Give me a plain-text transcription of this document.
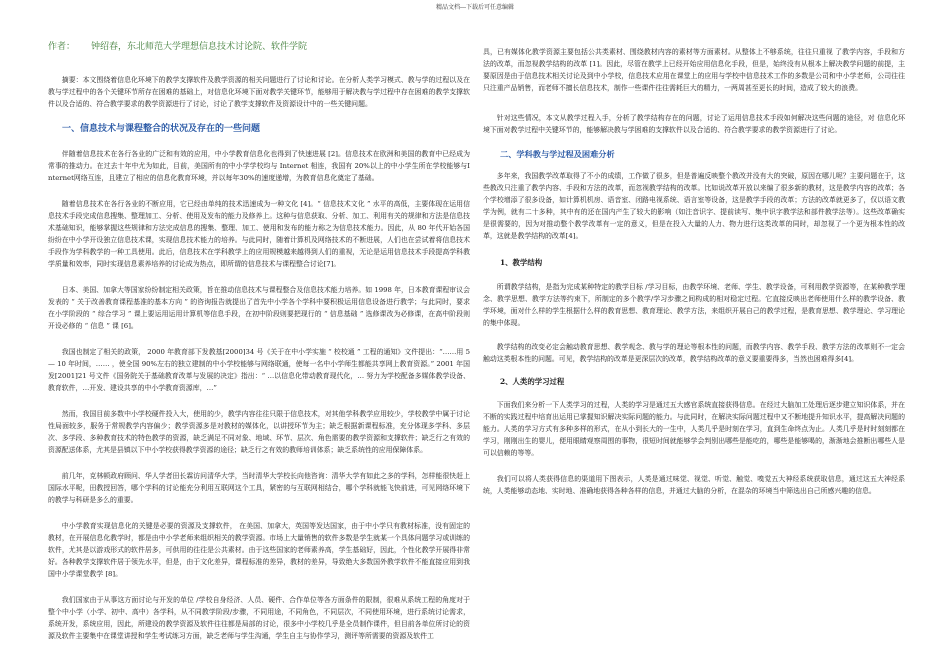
精品文档---下载后可任意编辑
作者： 钟绍春，东北师范大学理想信息技术讨论院、软件学院

摘要：本文围绕着信息化环境下的教学支撑软件及教学资源的相关问题进行了讨论和讨论。在分析人类学习模式、教与学的过程以及在教与学过程中的各个关键环节所存在困难的基础上，对信息化环境下面对教学关键环节，能够用于解决教与学过程中存在困难的教学支撑软件以及合适的、符合教学要求的教学资源进行了讨论，讨论了教学支撑软件及资源设计中的一些关键问题。

一、信息技术与课程整合的状况及存在的一些问题

伴随着信息技术在各行各业的广泛和有效的应用，中小学教育信息化也得到了快速进展 [2]。信息技术在欧洲和美国的教育中已经成为常事的推动力。在过去十年中尤为如此，目前，美国所有的中小学学校均与 Internet 相连，我国有 20%以上的中小学生所在学校能够与Internet网络互连，且建立了相应的信息化教育环境，并以每年30%的速度递增，为教育信息化奠定了基础。

随着信息技术在各行各业的不断应用，它已经由单纯的技术迅速成为一种文化 [4]。“ 信息技术文化 ” 水平的高低，主要体现在运用信息技术手段完成信息搜集、整理加工、分析、使用及发布的能力及修养上。这种与信息获取、分析、加工、利用有关的规律和方法是信息技术基础知识，能够掌握这些规律和方法完成信息的搜集、整理、加工、使用和发布的能力称之为信息技术能力。因此，从 80 年代开始各国纷纷在中小学开设独立信息技术课，实现信息技术能力的培养。与此同时，随着计算机及网络技术的不断进展，人们也在尝试着将信息技术手段作为学科教学的一种工具使用。此后，信息技术在学科教学上的应用规模越来越得到人们的重视，无论是运用信息技术手段提高学科教学质量和效率，同时实现信息素养培养的讨论成为热点，即所谓的信息技术与课程整合讨论[7]。

日本、美国、加拿大等国家纷纷制定相关政策，旨在推动信息技术与课程整合及信息技术能力培养。如 1998 年，日本教育课程审议会发表的 “ 关于改善教育课程基准的基本方向 ” 的咨询报告就提出了首先中小学各个学科中要积极运用信息设备进行教学；与此同时，要求在小学阶段的 “ 综合学习 ” 课上要运用运用计算机等信息手段，在初中阶段则要把现行的 “ 信息基础 ” 选修课改为必修课，在高中阶段则开设必修的 “ 信息 ” 课 [6]。

我国也制定了相关的政策， 2000 年教育部下发教基[2000]34 号《关于在中小学实施 “ 校校通 ” 工程的通知》文件提出：“……用 5 — 10 年时间，…… ，使全国 90%左右的独立建制的中小学校能够与网络联通，使每一名中小学师生都能共享网上教育资源。” 2001 年国发[2001]21 号文件《国务院关于基础教育改革与发展的决定》指出：“ …以信息化带动教育现代化，… 努力为学校配备多媒体教学设备、教育软件，…开发、建设共享的中小学教育资源库，…”

然而，我国目前多数中小学校硬件投入大，使用的少，教学内容往往只限于信息技术，对其他学科教学应用较少，学校教学中属于讨论性局面较多，服务于常规教学内容偏少；教学资源多是对教材的媒体化，以讲授环节为主；缺乏根据新课程标准，充分体现多学科、多层次、多学段、多种教育技术的特色教学的资源，缺乏满足不同对象、地域、环节、层次、角色需要的教学资源和支撑软件；缺乏行之有效的资源配送体系，尤其是县镇以下中小学校获得教学资源的途径；缺乏行之有效的教师培训体系；缺乏系统性的应用保障体系。

前几年，克林顿政府顾问、华人学者田长霖访问清华大学，当时清华大学校长向他咨询：清华大学有如此之多的学科，怎样能很快赶上国际水平呢，田教授回答，哪个学科的讨论能充分利用互联网这个工具，紧密的与互联网相结合，哪个学科就能飞快前进，可见网络环境下的教学与科研是多么的重要。

中小学教育实现信息化的关键是必要的资源及支撑软件， 在美国、加拿大，英国等发达国家，由于中小学只有教材标准，没有固定的教材，在开展信息化教学时，都是由中小学老师来组织相关的教学资源。市场上大量销售的软件多数是学生就某一个具体问题学习或训练的软件，尤其是以游戏形式的软件居多，可供用的往往是公共素材。由于这些国家的老师素养高，学生基础好，因此，个性化教学开展得非常好。各种教学支撑软件居于领先水平，但是，由于文化差异，课程标准的差异，教材的差异，导致绝大多数国外教学软件不能直接应用到我国中小学课堂教学 [8]。

我们国家由于从事这方面讨论与开发的单位 /学校自身经济、人员、硬件、合作单位等各方面条件的限制，很难从系统工程的角度对于整个中小学（小学、初中、高中）各学科，从不同教学阶段/步骤，不同用途，不同角色，不同层次，不同使用环境，进行系统讨论需求，系统开发，系统应用，因此，所建设的教学资源及软件往往都是局部的讨论，很多中小学校几乎是全员制作课件，但目前各单位所讨论的资源及软件主要集中在课堂讲授和学生考试练习方面，缺乏老师与学生沟通，学生自主与协作学习，测评等所需要的资源及软件工

具，已有媒体化教学资源主要包括公共类素材、围绕教材内容的素材等方面素材。从整体上不够系统，往往只重视 了教学内容，手段和方法的改革，而忽视教学结构的改革 [1]。因此，尽管在教学上已经开始应用信息化手段，但是，始终没有从根本上解决教学问题的前提，主要原因是由于信息技术相关讨论及到中小学校，信息技术应用在课堂上的应用与学校中信息技术工作的多数是公司和中小学老师，公司往往只注重产品销售，而老师不擅长信息技术，制作一些课件往往需耗巨大的精力，一两周甚至更长的时间，造成了较大的浪费。

针对这些情况，本文从教学过程入手，分析了教学结构存在的问题，讨论了运用信息技术手段如何解决这些问题的途径，对 信息化环境下面对教学过程中关键环节的，能够解决教与学困难的支撑软件以及合适的、符合教学要求的教学资源进行了讨论。

二、学科教与学过程及困难分析

多年来，我国教学改革取得了不小的成绩，工作做了很多，但是普遍反映整个教改并没有大的突破，原因在哪儿呢？主要问题在于，这些教改只注重了教学内容、手段和方法的改革，而忽视教学结构的改革。比如说改革开放以来编了很多新的教材，这是教学内容的改革；各个学校增添了很多设备，如计算机机房、语音室、闭路电视系统、语言室等设备，这是教学手段的改革；方法的改革就更多了，仅以语文教学为例，就有二十多种，其中有的还在国内产生了较大的影响（如注音识字、提前读写、集中识字教学法和部件教学法等）。这些改革确实是很需要的，因为对推动整个教学改革有一定的意义，但是在投入大量的人力、物力进行这类改革的同时，却忽视了一个更为根本性的改革，这就是教学结构的改革[4]。

1、教学结构

所谓教学结构，是指为完成某种特定的教学目标 /学习目标，由教学环境、老师、学生、教学设备，可利用教学资源等，在某种教学理念、教学思想、教学方法等约束下，所制定的多个教学/学习步骤之间构成的相对稳定过程。它直接反映出老师使用什么样的教学设备、教学环境，面对什么样的学生根据什么样的教育思想、教育理论、教学方法，来组织开展自己的教学过程，是教育思想、教学理论、学习理论的集中体现。

教学结构的改变必定会触动教育思想、教学观念、教与学的理论等根本性的问题，而教学内容、教学手段、教学方法的改革则不一定会触动这类根本性的问题。可见，教学结构的改革是更深层次的改革，教学结构改革的意义要重要得多，当然也困难得多[4]。

2、人类的学习过程

下面我们来分析一下人类学习的过程，人类的学习是通过五大感官系统直接获得信息。在经过大脑加工处理后逐步建立知识体系，并在不断的实践过程中培育出运用已掌握知识解决实际问题的能力。与此同时，在解决实际问题过程中又不断地提升知识水平，提高解决问题的能力。人类的学习方式有多种多样的形式，在从小到长大的一生中，人类几乎是时刻在学习，直到生命终点为止。人类几乎是时时刻刻都在学习，刚刚出生的婴儿，便用眼睛观察周围的事物，很短时间就能够学会判别出哪些是能吃的，哪些是能够喝的，渐渐地会推断出哪些人是可以信赖的等等。

我们可以将人类获得信息的渠道用下图表示，人类是通过味觉、视觉、听觉、触觉、嗅觉五大神经系统获取信息，通过这五大神经系统，人类能够动态地、实时地、准确地获得各种各样的信息，并通过大脑的分析，在混杂的环境当中筛选出自己所感兴趣的信息。
